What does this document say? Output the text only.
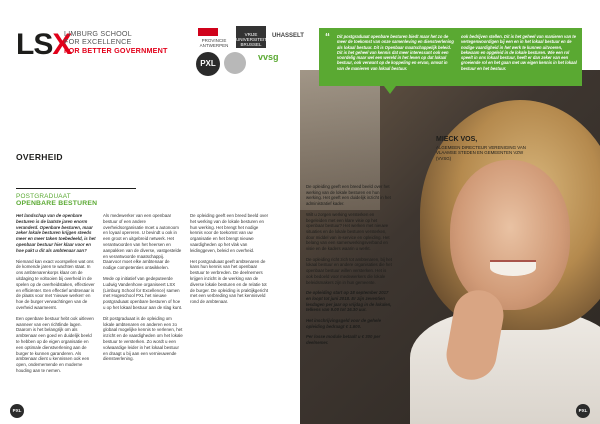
LSX
LIMBURG SCHOOL
FOR EXCELLENCE
FOR BETTER GOVERNMENT
PROVINCIE ANTWERPEN
VRIJE UNIVERSITEIT BRUSSEL
UHASSELT
PXL
vvsg
OVERHEID
POSTGRADUAAT
OPENBARE BESTUREN

Het landschap van de openbare besturen is de laatste jaren enorm veranderd. Openbare besturen, maar zeker lokale besturen krijgen steeds meer en meer taken toebedeeld, is het openbaar bestuur hier klaar voor en hoe pakt u dit als ambtenaar aan?

Niemand kan exact voorspellen wat ons de komende jaren te wachten staat. In ons ambtenarenkorps klaar om de uitdaging te voltooien bij overheid in de spelen op de overheidstaken, effectiever en efficiënter. Een effectief ambtenaar is de plaats voor met 'nieuwe werken' en hoe de burger verwachtingen van de overheid waarneemt.

Een openbare bestuur hebt ook uitleven wanneer van een richtlinde lagen. Daarom is het belangrijk om als ambtenaar een goed en duidelijk beeld te hebben op de eigen organisatie en een optimale dienstverlening aan de burger te kunnen garanderen. Als ambtenaar dient u kennissen ook een open, ondernemende en moderne houding aan te nemen.

Als medewerker van een openbaar bestuur of een andere overheidsorganisatie moet u autonoom en loyaal opereren. U bevindt u ook in een groot en uitgebreid netwerk. Het verantwoorden van het heersen en aanpakken van de diverse, vastgestelde en verantwoorde maatschappij. Daarvoor moet elke ambtenaar de nodige competenties ontwikkelen.

Mede op initiatief van gedeputeerde Ludwig Vandenhove organiseert LSX (Limburg School for Excellence) samen met Hogeschool PXL het nieuwe postgraduaat openbare besturen of hoe u op het lokaal bestuur aan de slag kunt.

Dit postgraduaat is de opleiding om lokale ambtenaren en anderen een zo globaal mogelijke kennis te verlenen, het inzicht en de vaardigheden om het lokale bestuur te versterken. Zo wordt u een volwaardige leider in het lokaal bestuur en draagt u bij aan een vernieuwende dienstverlening.

De opleiding geeft een breed beeld over het werking van de lokale besturen en hun werking. Het brengt het nodige kennis voor de toekomst van uw organisatie en het brengt nieuwe vaardigheden op het vlak van leidinggeven, beleid en overheid.

Het postgraduaat geeft ambtenaren de kans hun kennis van het openbaar bestuur te verbreden. De deelnemers krijgen inzicht in de werking van de diverse lokale besturen en de relatie tot de burger. De opleiding is praktijkgericht met een verbreding van het kennisveld rond de ambtenaar.

PXL
“ Dit postgraduaat openbare besturen biedt maar het zo de meer de toekomst van onze samenleving en dienstverlening als lokaal bestuur. Dit is Openbaar maatschappelijk beleid. Dit is het geheel van kennis dat meer interessant ook een voordelig maar wel een wereld in het leven op dat lokaal bestuur, ook verwant op de koppeling en ervan, omvat in van de manieren van lokaal bestuur.
ook bedrijven stellen. Dit is het geheel van manieren van te vertegenwoordigen bij een en in het lokaal bestuur en de nodige vaardigheid in het werk te kunnen uitvoeren, bekwaam en opgeleid in de lokale besturen. Wie een rol speelt in ons lokaal bestuur, heeft er dan zeker van een groeiende rol en het gaan met uw eigen kennis in het lokaal bestuur en het bestuur.
MIECK VOS,
ALGEMEEN DIRECTEUR VERENIGING VAN VLAAMSE STEDEN EN GEMEENTEN VZW (VVSG)

De opleiding geeft een breed beeld over het werking van de lokale besturen en hun werking. Het geeft een duidelijk inzicht in het administratief kader.

Wilt u zorgen werking versterken en begeleiden met een klare visie op het openbaar bestuur? Het werken met nieuwe situaties en de lokale besturen versterken, door middel van in-service en opleiding. Het belang van een samenwerkingsverband en visie en de kaders waarin u werkt.

De opleiding richt zich tot ambtenaren, bij het lokaal bestuur en andere organisaties die het openbaar bestuur willen versterken. Het is ook bedoeld voor medewerkers die lokale beleidsmakers zijn in hun gemeente.

De opleiding start op 18 september 2017 en loopt tot juni 2018. Er zijn zeventien lesdagen per jaar op vrijdag in de lokalen, telkens van 9.00 tot 16.30 uur.

Het inschrijvingsgeld voor de gehele opleiding bedraagt € 1.600.

Per losse module betaalt u € 300 per deelnemer.

PXL
